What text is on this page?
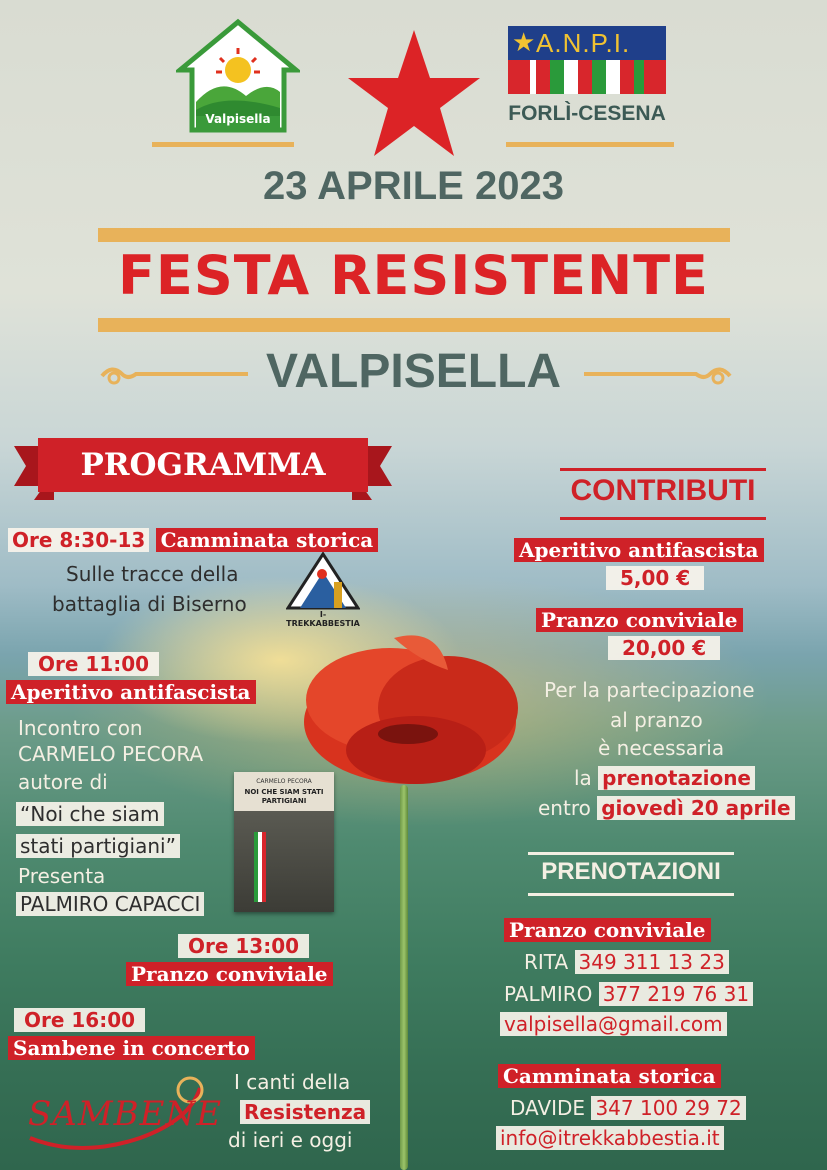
Valpisella
★ A.N.P.I.
FORLÌ-CESENA
23 APRILE 2023
FESTA RESISTENTE
VALPISELLA
PROGRAMMA
Ore 8:30-13 Camminata storica
Sulle tracce della
battaglia di Biserno	I-TREKKABBESTIA
Ore 11:00
Aperitivo antifascista
Incontro con
CARMELO PECORA
autore di
“Noi che siam
stati partigiani”
Presenta
PALMIRO CAPACCI
CARMELO PECORA
NOI CHE SIAM STATI PARTIGIANI
Ore 13:00
Pranzo conviviale
Ore 16:00
Sambene in concerto
I canti della
Resistenza
di ieri e oggi
SAMBENE
CONTRIBUTI
Aperitivo antifascista
5,00 €
Pranzo conviviale
20,00 €
Per la partecipazione
al pranzo
è necessaria
la prenotazione
entro giovedì 20 aprile
PRENOTAZIONI
Pranzo conviviale
RITA 349 311 13 23
PALMIRO 377 219 76 31
valpisella@gmail.com
Camminata storica
DAVIDE 347 100 29 72
info@itrekkabbestia.it
